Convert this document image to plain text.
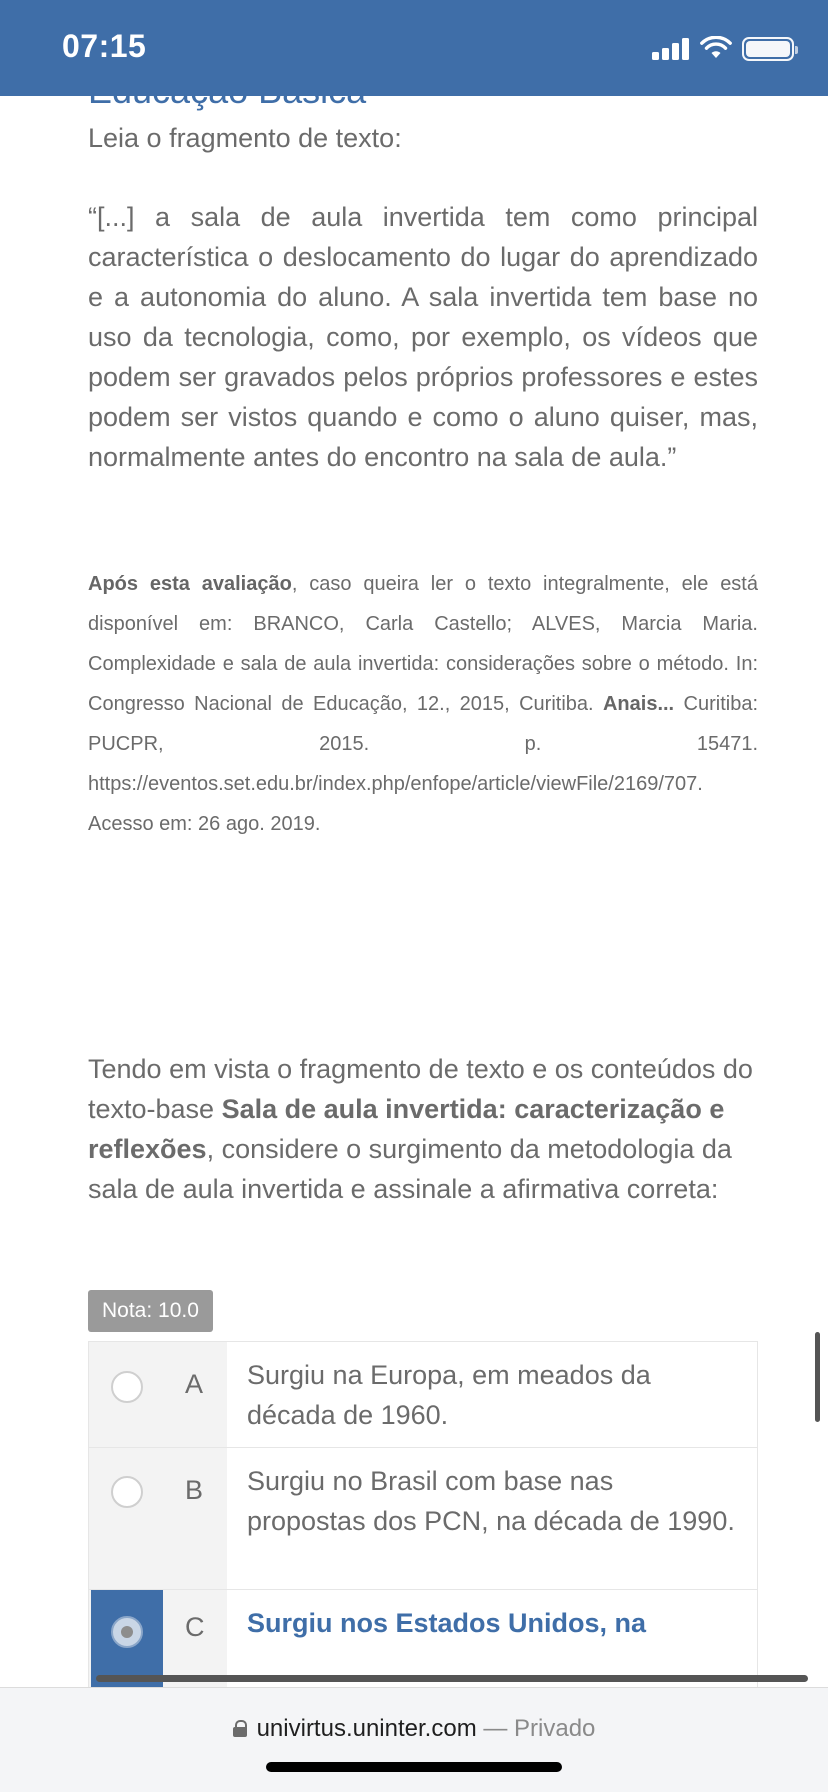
07:15
Leia o fragmento de texto:

“[...] a sala de aula invertida tem como principal característica o deslocamento do lugar do aprendizado e a autonomia do aluno. A sala invertida tem base no uso da tecnologia, como, por exemplo, os vídeos que podem ser gravados pelos próprios professores e estes podem ser vistos quando e como o aluno quiser, mas, normalmente antes do encontro na sala de aula.”

Após esta avaliação, caso queira ler o texto integralmente, ele está disponível em: BRANCO, Carla Castello; ALVES, Marcia Maria. Complexidade e sala de aula invertida: considerações sobre o método. In: Congresso Nacional de Educação, 12., 2015, Curitiba. Anais... Curitiba: PUCPR, 2015. p. 15471. https://eventos.set.edu.br/index.php/enfope/article/viewFile/2169/707. Acesso em: 26 ago. 2019.

Tendo em vista o fragmento de texto e os conteúdos do texto-base Sala de aula invertida: caracterização e reflexões, considere o surgimento da metodologia da sala de aula invertida e assinale a afirmativa correta:

Nota: 10.0
A	Surgiu na Europa, em meados da década de 1960.
B	Surgiu no Brasil com base nas propostas dos PCN, na década de 1990.
C	Surgiu nos Estados Unidos, na
univirtus.uninter.com — Privado
